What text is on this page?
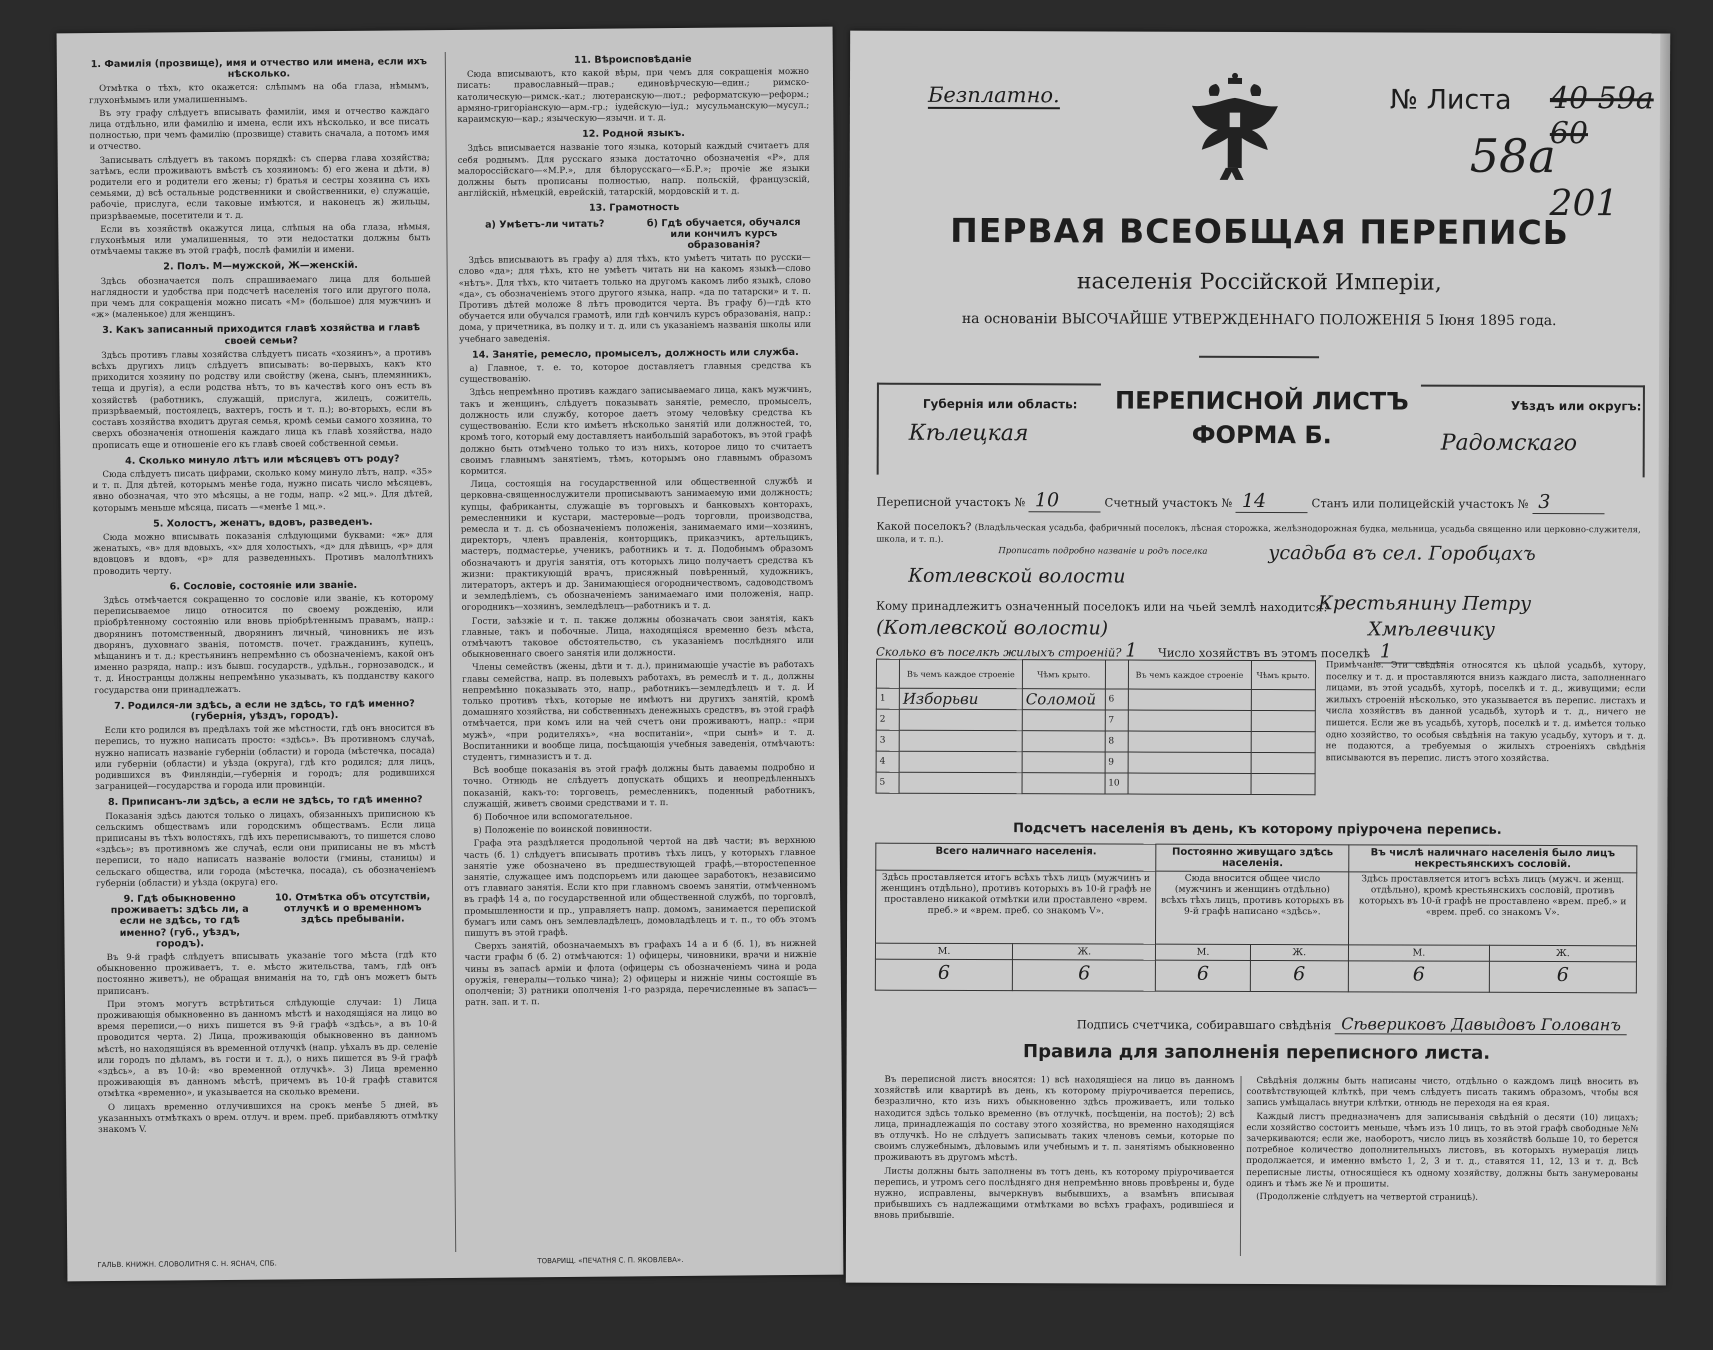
1. Фамилія (прозвище), имя и отчество или имена, если ихъ нѣсколько.

Отмѣтка о тѣхъ, кто окажется: слѣпымъ на оба глаза, нѣмымъ, глухонѣмымъ или умалишеннымъ.

Въ эту графу слѣдуетъ вписывать фамиліи, имя и отчество каждаго лица отдѣльно, или фамилію и имена, если ихъ нѣсколько, и все писать полностью, при чемъ фамилію (прозвище) ставить сначала, а потомъ имя и отчество.

Записывать слѣдуетъ въ такомъ порядкѣ: съ сперва глава хозяйства; затѣмъ, если проживаютъ вмѣстѣ съ хозяиномъ: б) его жена и дѣти, в) родители его и родители его жены; г) братья и сестры хозяина съ ихъ семьями, д) всѣ остальные родственники и свойственники, е) служащіе, рабочіе, прислуга, если таковые имѣются, и наконецъ ж) жильцы, призрѣваемые, посетители и т. д.

Если въ хозяйствѣ окажутся лица, слѣпыя на оба глаза, нѣмыя, глухонѣмыя или умалишенныя, то эти недостатки должны быть отмѣчаемы также въ этой графѣ, послѣ фамиліи и имени.

2. Полъ. М—мужской, Ж—женскій.

Здѣсь обозначается полъ спрашиваемаго лица для большей наглядности и удобства при подсчетѣ населенія того или другого пола, при чемъ для сокращенія можно писать «М» (большое) для мужчинъ и «ж» (маленькое) для женщинъ.

3. Какъ записанный приходится главѣ хозяйства и главѣ своей семьи?

Здѣсь противъ главы хозяйства слѣдуетъ писать «хозяинъ», а противъ всѣхъ другихъ лицъ слѣдуетъ вписывать: во-первыхъ, какъ кто приходится хозяину по родству или свойству (жена, сынъ, племянникъ, теща и другія), а если родства нѣтъ, то въ качествѣ кого онъ есть въ хозяйствѣ (работникъ, служащій, прислуга, жилецъ, сожитель, призрѣваемый, постоялецъ, вахтеръ, гость и т. п.); во-вторыхъ, если въ составъ хозяйства входитъ другая семья, кромѣ семьи самого хозяина, то сверхъ обозначенія отношенія каждаго лица къ главѣ хозяйства, надо прописать еще и отношеніе его къ главѣ своей собственной семьи.

4. Сколько минуло лѣтъ или мѣсяцевъ отъ роду?

Сюда слѣдуетъ писать цифрами, сколько кому минуло лѣтъ, напр. «35» и т. п. Для дѣтей, которымъ менѣе года, нужно писать число мѣсяцевъ, явно обозначая, что это мѣсяцы, а не годы, напр. «2 мц.». Для дѣтей, которымъ меньше мѣсяца, писать —«менѣе 1 мц.».

5. Холостъ, женатъ, вдовъ, разведенъ.

Сюда можно вписывать показанія слѣдующими буквами: «ж» для женатыхъ, «в» для вдовыхъ, «х» для холостыхъ, «д» для дѣвицъ, «р» для вдовцовъ и вдовъ, «р» для разведенныхъ. Противъ малолѣтнихъ проводить черту.

6. Сословіе, состояніе или званіе.

Здѣсь отмѣчается сокращенно то сословіе или званіе, къ которому переписываемое лицо относится по своему рожденію, или пріобрѣтенному состоянію или вновь пріобрѣтеннымъ правамъ, напр.: дворянинъ потомственный, дворянинъ личный, чиновникъ не изъ дворянъ, духовнаго званія, потомств. почет. гражданинъ, купецъ, мѣщанинъ и т. д.; крестьянинъ непремѣнно съ обозначеніемъ, какой онъ именно разряда, напр.: изъ бывш. государств., удѣльн., горнозаводск., и т. д. Иностранцы должны непремѣнно указывать, къ подданству какого государства они принадлежатъ.

7. Родился-ли здѣсь, а если не здѣсь, то гдѣ именно? (губернія, уѣздъ, городъ).

Если кто родился въ предѣлахъ той же мѣстности, гдѣ онъ вносится въ перепись, то нужно написать просто: «здѣсь». Въ противномъ случаѣ, нужно написать названіе губерніи (области) и города (мѣстечка, посада) или губерніи (области) и уѣзда (округа), гдѣ кто родился; для лицъ, родившихся въ Финляндіи,—губернія и городъ; для родившихся заграницей—государства и города или провинціи.

8. Приписанъ-ли здѣсь, а если не здѣсь, то гдѣ именно?

Показанія здѣсь даются только о лицахъ, обязанныхъ приписною къ сельскимъ обществамъ или городскимъ обществамъ. Если лица приписаны въ тѣхъ волостяхъ, гдѣ ихъ переписываютъ, то пишется слово «здѣсь»; въ противномъ же случаѣ, если они приписаны не въ мѣстѣ переписи, то надо написать названіе волости (гмины, станицы) и сельскаго общества, или города (мѣстечка, посада), съ обозначеніемъ губерніи (области) и уѣзда (округа) его.

9. Гдѣ обыкновенно проживаетъ: здѣсь ли, а если не здѣсь, то гдѣ именно? (губ., уѣздъ, городъ).
10. Отмѣтка объ отсутствіи, отлучкѣ и о временномъ здѣсь пребываніи.

Въ 9-й графѣ слѣдуетъ вписывать указаніе того мѣста (гдѣ кто обыкновенно проживаетъ, т. е. мѣсто жительства, тамъ, гдѣ онъ постоянно живетъ), не обращая вниманія на то, гдѣ онъ можетъ быть приписанъ.

При этомъ могутъ встрѣтиться слѣдующіе случаи: 1) Лица проживающія обыкновенно въ данномъ мѣстѣ и находящіяся на лицо во время переписи,—о нихъ пишется въ 9-й графѣ «здѣсь», а въ 10-й проводится черта. 2) Лица, проживающія обыкновенно въ данномъ мѣстѣ, но находящіяся въ временной отлучкѣ (напр. уѣхалъ въ др. селеніе или городъ по дѣламъ, въ гости и т. д.), о нихъ пишется въ 9-й графѣ «здѣсь», а въ 10-й: «во временной отлучкѣ». 3) Лица временно проживающія въ данномъ мѣстѣ, причемъ въ 10-й графѣ ставится отмѣтка «временно», и указывается на сколько времени.

О лицахъ временно отлучившихся на срокъ менѣе 5 дней, въ указанныхъ отмѣткахъ о врем. отлуч. и врем. преб. прибавляютъ отмѣтку знакомъ V.

11. Вѣроисповѣданіе

Сюда вписываютъ, кто какой вѣры, при чемъ для сокращенія можно писать: православный—прав.; единовѣрческую—един.; римско-католическую—римск.-кат.; лютеранскую—лют.; реформатскую—реформ.; армяно-григоріанскую—арм.-гр.; іудейскую—іуд.; мусульманскую—мусул.; караимскую—кар.; языческую—язычн. и т. д.

12. Родной языкъ.

Здѣсь вписывается названіе того языка, который каждый считаетъ для себя роднымъ. Для русскаго языка достаточно обозначенія «Р», для малороссійскаго—«М.Р.», для бѣлорусскаго—«Б.Р.»; прочіе же языки должны быть прописаны полностью, напр. польскій, французскій, англійскій, нѣмецкій, еврейскій, татарскій, мордовскій и т. д.

13. Грамотность
а) Умѣетъ-ли читать?	б) Гдѣ обучается, обучался или кончилъ курсъ образованія?

Здѣсь вписываютъ въ графу а) для тѣхъ, кто умѣетъ читать по русски—слово «да»; для тѣхъ, кто не умѣетъ читать ни на какомъ языкѣ—слово «нѣтъ». Для тѣхъ, кто читаетъ только на другомъ какомъ либо языкѣ, слово «да», съ обозначеніемъ этого другого языка, напр. «да по татарски» и т. п. Противъ дѣтей моложе 8 лѣтъ проводится черта. Въ графу б)—гдѣ кто обучается или обучался грамотѣ, или гдѣ кончилъ курсъ образованія, напр.: дома, у причетника, въ полку и т. д. или съ указаніемъ названія школы или учебнаго заведенія.

14. Занятіе, ремесло, промыселъ, должность или служба.

а) Главное, т. е. то, которое доставляетъ главныя средства къ существованію.

Здѣсь непремѣнно противъ каждаго записываемаго лица, какъ мужчинъ, такъ и женщинъ, слѣдуетъ показывать занятіе, ремесло, промыселъ, должность или службу, которое даетъ этому человѣку средства къ существованію. Если кто имѣетъ нѣсколько занятій или должностей, то, кромѣ того, который ему доставляетъ наибольшій заработокъ, въ этой графѣ должно быть отмѣчено только то изъ нихъ, которое лицо то считаетъ своимъ главнымъ занятіемъ, тѣмъ, которымъ оно главнымъ образомъ кормится.

Лица, состоящія на государственной или общественной службѣ и церковна-священнослужители прописываютъ занимаемую ими должность; купцы, фабриканты, служащіе въ торговыхъ и банковыхъ конторахъ, ремесленники и кустари, мастеровые—родъ торговли, производства, ремесла и т. д. съ обозначеніемъ положенія, занимаемаго ими—хозяинъ, директоръ, членъ правленія, конторщикъ, приказчикъ, артельщикъ, мастеръ, подмастерье, ученикъ, работникъ и т. д. Подобнымъ образомъ обозначаютъ и другія занятія, отъ которыхъ лицо получаетъ средства къ жизни: практикующій врачъ, присяжный повѣренный, художникъ, литераторъ, актеръ и др. Занимающіеся огородничествомъ, садоводствомъ и земледѣліемъ, съ обозначеніемъ занимаемаго ими положенія, напр. огородникъ—хозяинъ, земледѣлецъ—работникъ и т. д.

Гости, заѣзжіе и т. п. также должны обозначать свои занятія, какъ главные, такъ и побочные. Лица, находящіяся временно безъ мѣста, отмѣчаютъ таковое обстоятельство, съ указаніемъ послѣдняго или обыкновеннаго своего занятія или должности.

Члены семействъ (жены, дѣти и т. д.), принимающіе участіе въ работахъ главы семейства, напр. въ полевыхъ работахъ, въ ремеслѣ и т. д., должны непремѣнно показывать это, напр., работникъ—земледѣлецъ и т. д. И только противъ тѣхъ, которые не имѣютъ ни другихъ занятій, кромѣ домашняго хозяйства, ни собственныхъ денежныхъ средствъ, въ этой графѣ отмѣчается, при комъ или на чей счетъ они проживаютъ, напр.: «при мужѣ», «при родителяхъ», «на воспитаніи», «при сынѣ» и т. д. Воспитанники и вообще лица, посѣщающія учебныя заведенія, отмѣчаютъ: студентъ, гимназистъ и т. д.

Всѣ вообще показанія въ этой графѣ должны быть даваемы подробно и точно. Отнюдь не слѣдуетъ допускать общихъ и неопредѣленныхъ показаній, какъ-то: торговецъ, ремесленникъ, поденный работникъ, служащій, живетъ своими средствами и т. п.

б) Побочное или вспомогательное.

в) Положеніе по воинской повинности.

Графа эта раздѣляется продольной чертой на двѣ части; въ верхнюю часть (б. 1) слѣдуетъ вписывать противъ тѣхъ лицъ, у которыхъ главное занятіе уже обозначено въ предшествующей графѣ,—второстепенное занятіе, служащее имъ подспорьемъ или дающее заработокъ, независимо отъ главнаго занятія. Если кто при главномъ своемъ занятіи, отмѣченномъ въ графѣ 14 а, по государственной или общественной службѣ, по торговлѣ, промышленности и пр., управляетъ напр. домомъ, занимается перепиской бумагъ или самъ онъ землевладѣлецъ, домовладѣлецъ и т. п., то объ этомъ пишутъ въ этой графѣ.

Сверхъ занятій, обозначаемыхъ въ графахъ 14 а и б (б. 1), въ нижней части графы б (б. 2) отмѣчаются: 1) офицеры, чиновники, врачи и нижніе чины въ запасѣ арміи и флота (офицеры съ обозначеніемъ чина и рода оружія, генералы—только чина); 2) офицеры и нижніе чины состоящіе въ ополченіи; 3) ратники ополченія 1-го разряда, перечисленные въ запасъ—ратн. зап. и т. п.

ГАЛЬВ. КНИЖН. СЛОВОЛИТНЯ С. Н. ЯСНАЧ, СПБ.	ТОВАРИЩ. «ПЕЧАТНЯ С. П. ЯКОВЛЕВА».
Безплатно.	№ Листа 40 59а 60
58а
201
ПЕРВАЯ ВСЕОБЩАЯ ПЕРЕПИСЬ
населенія Россійской Имперіи,
на основаніи ВЫСОЧАЙШЕ УТВЕРЖДЕННАГО ПОЛОЖЕНІЯ 5 Іюня 1895 года.
Губернія или область:
Кѣлецкая
ПЕРЕПИСНОЙ ЛИСТЪ
ФОРМА Б.
Уѣздъ или округъ:
Радомскаго
Переписной участокъ № 10	Счетный участокъ № 14	Станъ или полицейскій участокъ № 3
Какой поселокъ? (Владѣльческая усадьба, фабричный поселокъ, лѣсная сторожка, желѣзнодорожная будка, мельница, усадьба священно или церковно-служителя, школа, и т. п.).
Прописать подробно названіе и родъ поселка	усадьба въ сел. Горобцахъ
Котлевской волости
Кому принадлежитъ означенный поселокъ или на чьей землѣ находится?
Крестьянину Петру
(Котлевской волости)	Хмѣлевчику
Число хозяйствъ въ этомъ поселкѣ 1
Сколько въ поселкѣ жилыхъ строеній? 1
	Въ чемъ каждое строеніе	Чѣмъ крыто.		Въ чемъ каждое строеніе	Чѣмъ крыто.
1	Изборьви	Соломой	6		
2			7		
3			8		
4			9		
5			10		
Примѣчаніе. Эти свѣдѣнія относятся къ цѣлой усадьбѣ, хутору, поселку и т. д. и проставляются внизъ каждаго листа, заполненнаго лицами, въ этой усадьбѣ, хуторѣ, поселкѣ и т. д., живущими; если жилыхъ строеній нѣсколько, это указывается въ перепис. листахъ и числа хозяйствъ въ данной усадьбѣ, хуторѣ и т. д., ничего не пишется. Если же въ усадьбѣ, хуторѣ, поселкѣ и т. д. имѣется только одно хозяйство, то особыя свѣдѣнія на такую усадьбу, хуторъ и т. д. не подаются, а требуемыя о жилыхъ строеніяхъ свѣдѣнія вписываются въ перепис. листъ этого хозяйства.
Подсчетъ населенія въ день, къ которому пріурочена перепись.
Всего наличнаго населенія.		Постоянно живущаго здѣсь населенія.		Въ числѣ наличнаго населенія было лицъ некрестьянскихъ сословій.	
Здѣсь проставляется итогъ всѣхъ тѣхъ лицъ (мужчинъ и женщинъ отдѣльно), противъ которыхъ въ 10-й графѣ не проставлено никакой отмѣтки или проставлено «врем. преб.» и «врем. преб. со знакомъ V».		Сюда вносится общее число (мужчинъ и женщинъ отдѣльно) всѣхъ тѣхъ лицъ, противъ которыхъ въ 9-й графѣ написано «здѣсь».		Здѣсь проставляется итогъ всѣхъ лицъ (мужч. и женщ. отдѣльно), кромѣ крестьянскихъ сословій, противъ которыхъ въ 10-й графѣ не проставлено «врем. преб.» и «врем. преб. со знакомъ V».	
М.	Ж.	М.	Ж.	М.	Ж.
6	6	6	6	6	6
Подпись счетчика, собиравшаго свѣдѣнія Сѣвериковъ Давыдовъ Голованъ
Правила для заполненія переписного листа.

Въ переписной листъ вносятся: 1) всѣ находящіеся на лицо въ данномъ хозяйствѣ или квартирѣ въ день, къ которому пріурочивается перепись, безразлично, кто изъ нихъ обыкновенно здѣсь проживаетъ, или только находится здѣсь только временно (въ отлучкѣ, посѣщеніи, на постоѣ); 2) всѣ лица, принадлежащія по составу этого хозяйства, но временно находящіяся въ отлучкѣ. Но не слѣдуетъ записывать таких членовъ семьи, которые по своимъ служебнымъ, дѣловымъ или учебнымъ и т. п. занятіямъ обыкновенно проживаютъ въ другомъ мѣстѣ.

Листы должны быть заполнены въ тотъ день, къ которому пріурочивается перепись, и утромъ сего послѣдняго дня непремѣнно вновь провѣрены и, буде нужно, исправлены, вычеркнувъ выбывшихъ, а взамѣнъ вписывая прибывшихъ съ надлежащими отмѣтками во всѣхъ графахъ, родившіеся и вновь прибывшіе.

Свѣдѣнія должны быть написаны чисто, отдѣльно о каждомъ лицѣ вносить въ соотвѣтствующей клѣткѣ, при чемъ слѣдуетъ писать такимъ образомъ, чтобы вся запись умѣщалась внутри клѣтки, отнюдь не переходя на ея края.

Каждый листъ предназначенъ для записыванія свѣдѣній о десяти (10) лицахъ; если хозяйство состоитъ меньше, чѣмъ изъ 10 лицъ, то въ этой графѣ свободные №№ зачеркиваются; если же, наоборотъ, число лицъ въ хозяйствѣ больше 10, то берется потребное количество дополнительныхъ листовъ, въ которыхъ нумерація лицъ продолжается, и именно вмѣсто 1, 2, 3 и т. д., ставятся 11, 12, 13 и т. д. Всѣ переписные листы, относящіеся къ одному хозяйству, должны быть занумерованы одинъ и тѣмъ же № и прошиты.

(Продолженіе слѣдуетъ на четвертой страницѣ).
